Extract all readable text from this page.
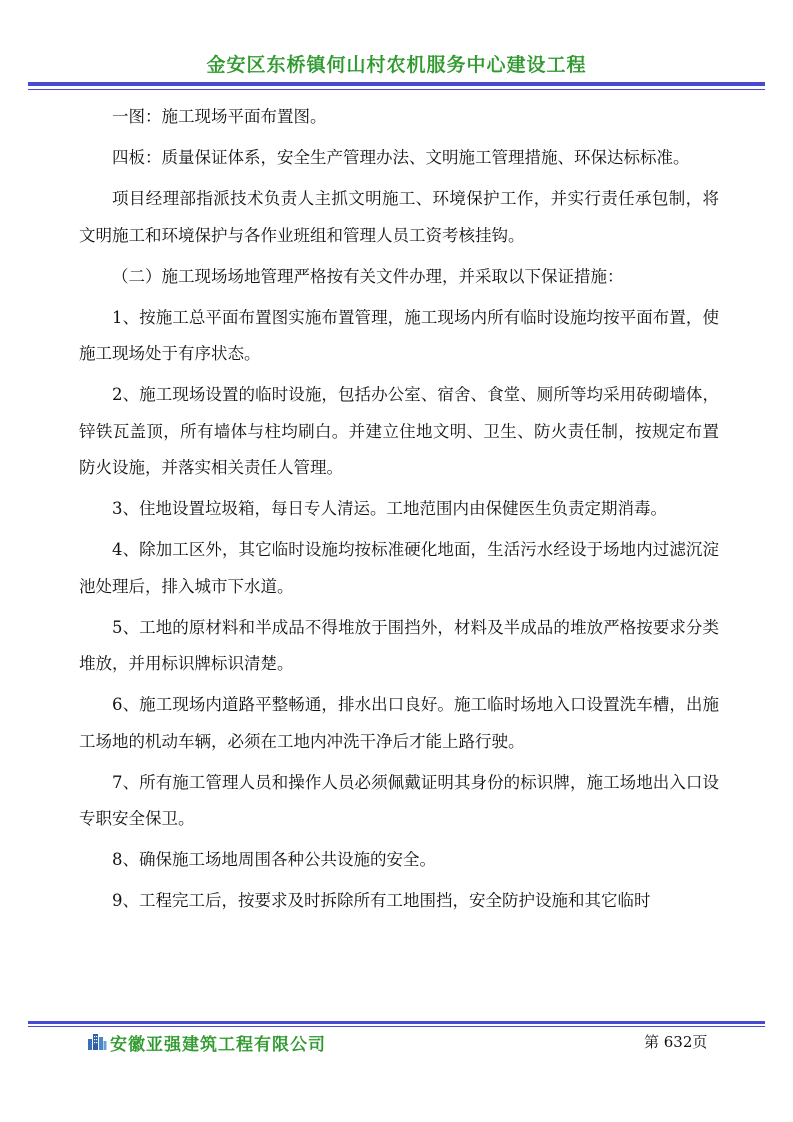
金安区东桥镇何山村农机服务中心建设工程

一图：施工现场平面布置图。

四板：质量保证体系，安全生产管理办法、文明施工管理措施、环保达标标准。

项目经理部指派技术负责人主抓文明施工、环境保护工作，并实行责任承包制，将文明施工和环境保护与各作业班组和管理人员工资考核挂钩。

（二）施工现场场地管理严格按有关文件办理，并采取以下保证措施：

1、按施工总平面布置图实施布置管理，施工现场内所有临时设施均按平面布置，使施工现场处于有序状态。

2、施工现场设置的临时设施，包括办公室、宿舍、食堂、厕所等均采用砖砌墙体，锌铁瓦盖顶，所有墙体与柱均刷白。并建立住地文明、卫生、防火责任制，按规定布置防火设施，并落实相关责任人管理。

3、住地设置垃圾箱，每日专人清运。工地范围内由保健医生负责定期消毒。

4、除加工区外，其它临时设施均按标准硬化地面，生活污水经设于场地内过滤沉淀池处理后，排入城市下水道。

5、工地的原材料和半成品不得堆放于围挡外，材料及半成品的堆放严格按要求分类堆放，并用标识牌标识清楚。

6、施工现场内道路平整畅通，排水出口良好。施工临时场地入口设置洗车槽，出施工场地的机动车辆，必须在工地内冲洗干净后才能上路行驶。

7、所有施工管理人员和操作人员必须佩戴证明其身份的标识牌，施工场地出入口设专职安全保卫。

8、确保施工场地周围各种公共设施的安全。

9、工程完工后，按要求及时拆除所有工地围挡，安全防护设施和其它临时

安徽亚强建筑工程有限公司	第 632页
